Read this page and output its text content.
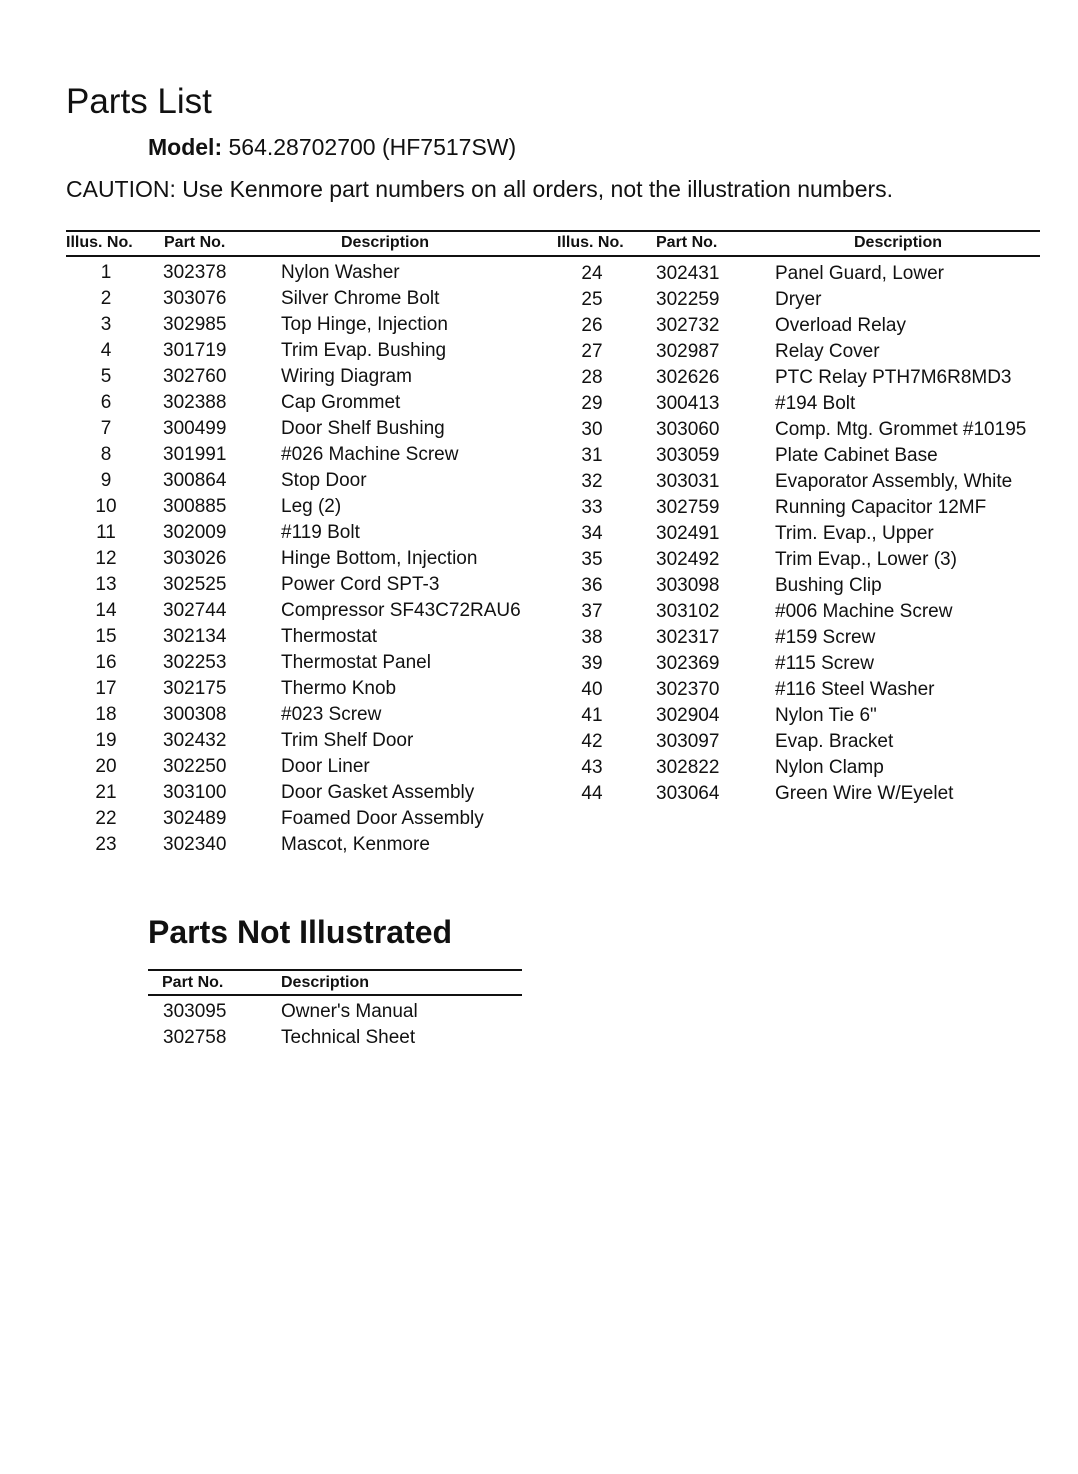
Parts List
Model: 564.28702700 (HF7517SW)
CAUTION: Use Kenmore part numbers on all orders, not the illustration numbers.
Illus. No. Part No.	Description	Illus. No. Part No.	Description
1	302378	Nylon Washer
2	303076	Silver Chrome Bolt
3	302985	Top Hinge, Injection
4	301719	Trim Evap. Bushing
5	302760	Wiring Diagram
6	302388	Cap Grommet
7	300499	Door Shelf Bushing
8	301991	#026 Machine Screw
9	300864	Stop Door
10	300885	Leg (2)
11	302009	#119 Bolt
12	303026	Hinge Bottom, Injection
13	302525	Power Cord SPT-3
14	302744	Compressor SF43C72RAU6
15	302134	Thermostat
16	302253	Thermostat Panel
17	302175	Thermo Knob
18	300308	#023 Screw
19	302432	Trim Shelf Door
20	302250	Door Liner
21	303100	Door Gasket Assembly
22	302489	Foamed Door Assembly
23	302340	Mascot, Kenmore
24	302431	Panel Guard, Lower
25	302259	Dryer
26	302732	Overload Relay
27	302987	Relay Cover
28	302626	PTC Relay PTH7M6R8MD3
29	300413	#194 Bolt
30	303060	Comp. Mtg. Grommet #10195
31	303059	Plate Cabinet Base
32	303031	Evaporator Assembly, White
33	302759	Running Capacitor 12MF
34	302491	Trim. Evap., Upper
35	302492	Trim Evap., Lower (3)
36	303098	Bushing Clip
37	303102	#006 Machine Screw
38	302317	#159 Screw
39	302369	#115 Screw
40	302370	#116 Steel Washer
41	302904	Nylon Tie 6"
42	303097	Evap. Bracket
43	302822	Nylon Clamp
44	303064	Green Wire W/Eyelet
Parts Not Illustrated
Part No.	Description
303095	Owner's Manual
302758	Technical Sheet
